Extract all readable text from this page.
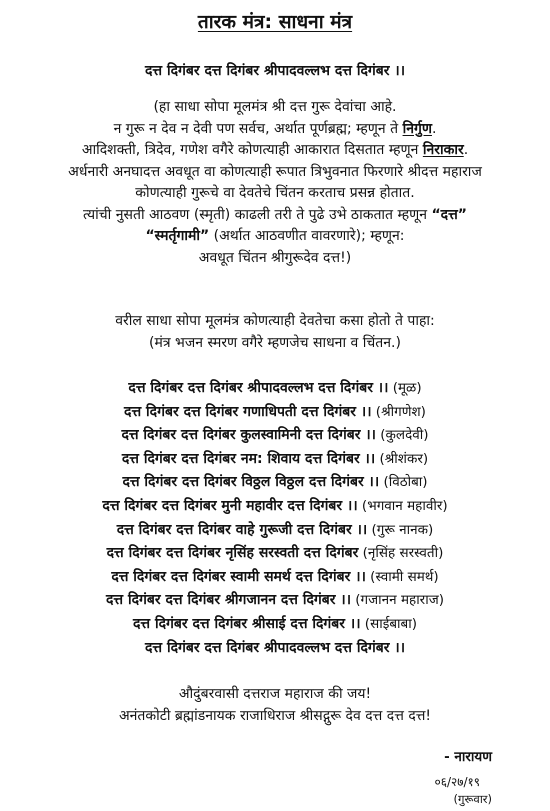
तारक मंत्र: साधना मंत्र
दत्त दिगंबर दत्त दिगंबर श्रीपादवल्लभ दत्त दिगंबर ।।
(हा साधा सोपा मूलमंत्र श्री दत्त गुरू देवांचा आहे.
न गुरू न देव न देवी पण सर्वच, अर्थात पूर्णब्रह्म; म्हणून ते निर्गुण.
आदिशक्ती, त्रिदेव, गणेश वगैरे कोणत्याही आकारात दिसतात म्हणून निराकार.
अर्धनारी अनघादत्त अवधूत वा कोणत्याही रूपात त्रिभुवनात फिरणारे श्रीदत्त महाराज
कोणत्याही गुरूचे वा देवतेचे चिंतन करताच प्रसन्न होतात.
त्यांची नुसती आठवण (स्मृती) काढली तरी ते पुढे उभे ठाकतात म्हणून “दत्त”
“स्मर्तृगामी” (अर्थात आठवणीत वावरणारे); म्हणून:
अवधूत चिंतन श्रीगुरूदेव दत्त!)
वरील साधा सोपा मूलमंत्र कोणत्याही देवतेचा कसा होतो ते पाहा:
(मंत्र भजन स्मरण वगैरे म्हणजेच साधना व चिंतन.)
दत्त दिगंबर दत्त दिगंबर श्रीपादवल्लभ दत्त दिगंबर ।। (मूळ)
दत्त दिगंबर दत्त दिगंबर गणाधिपती दत्त दिगंबर ।। (श्रीगणेश)
दत्त दिगंबर दत्त दिगंबर कुलस्वामिनी दत्त दिगंबर ।। (कुलदेवी)
दत्त दिगंबर दत्त दिगंबर नम: शिवाय दत्त दिगंबर ।। (श्रीशंकर)
दत्त दिगंबर दत्त दिगंबर विठ्ठल विठ्ठल दत्त दिगंबर ।। (विठोबा)
दत्त दिगंबर दत्त दिगंबर मुनी महावीर दत्त दिगंबर ।। (भगवान महावीर)
दत्त दिगंबर दत्त दिगंबर वाहे गुरूजी दत्त दिगंबर ।। (गुरू नानक)
दत्त दिगंबर दत्त दिगंबर नृसिंह सरस्वती दत्त दिगंबर (नृसिंह सरस्वती)
दत्त दिगंबर दत्त दिगंबर स्वामी समर्थ दत्त दिगंबर ।। (स्वामी समर्थ)
दत्त दिगंबर दत्त दिगंबर श्रीगजानन दत्त दिगंबर ।। (गजानन महाराज)
दत्त दिगंबर दत्त दिगंबर श्रीसाई दत्त दिगंबर ।। (साईबाबा)
दत्त दिगंबर दत्त दिगंबर श्रीपादवल्लभ दत्त दिगंबर ।।
औदुंबरवासी दत्तराज महाराज की जय!
अनंतकोटी ब्रह्मांडनायक राजाधिराज श्रीसद्गुरू देव दत्त दत्त दत्त!
- नारायण
०६/२७/१९
(गुरूवार)
